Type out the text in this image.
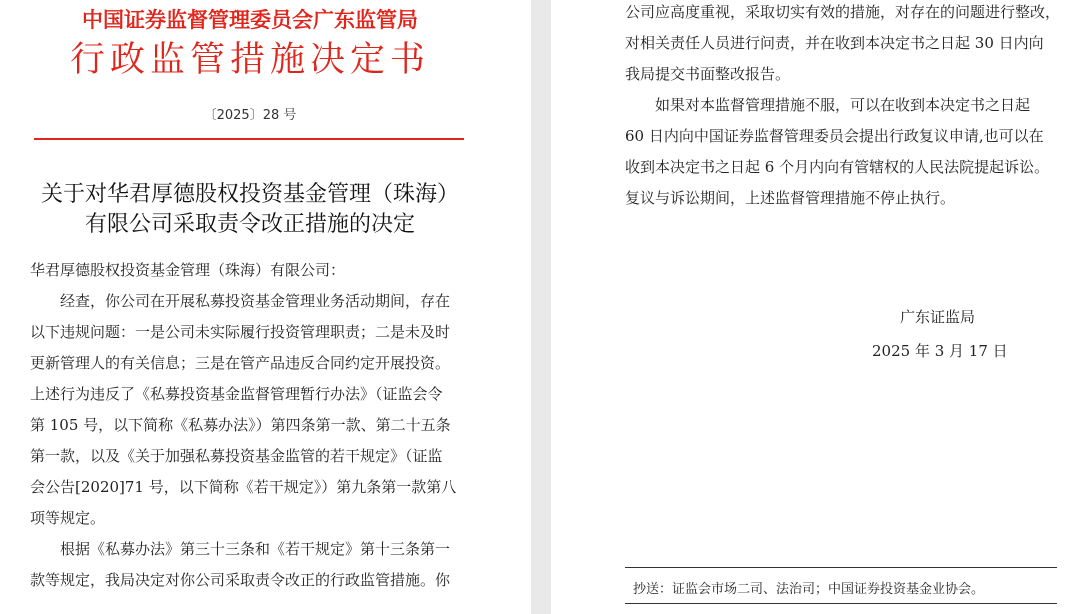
中国证券监督管理委员会广东监管局
行政监管措施决定书
〔2025〕28 号
关于对华君厚德股权投资基金管理（珠海）
有限公司采取责令改正措施的决定
华君厚德股权投资基金管理（珠海）有限公司：
经查，你公司在开展私募投资基金管理业务活动期间，存在
以下违规问题：一是公司未实际履行投资管理职责；二是未及时
更新管理人的有关信息；三是在管产品违反合同约定开展投资。
上述行为违反了《私募投资基金监督管理暂行办法》（证监会令
第 105 号，以下简称《私募办法》）第四条第一款、第二十五条
第一款，以及《关于加强私募投资基金监管的若干规定》（证监
会公告[2020]71 号，以下简称《若干规定》）第九条第一款第八
项等规定。
根据《私募办法》第三十三条和《若干规定》第十三条第一
款等规定，我局决定对你公司采取责令改正的行政监管措施。你
公司应高度重视，采取切实有效的措施，对存在的问题进行整改，
对相关责任人员进行问责，并在收到本决定书之日起 30 日内向
我局提交书面整改报告。
如果对本监督管理措施不服，可以在收到本决定书之日起
60 日内向中国证券监督管理委员会提出行政复议申请,也可以在
收到本决定书之日起 6 个月内向有管辖权的人民法院提起诉讼。
复议与诉讼期间，上述监督管理措施不停止执行。
广东证监局
2025 年 3 月 17 日
抄送：证监会市场二司、法治司；中国证券投资基金业协会。
